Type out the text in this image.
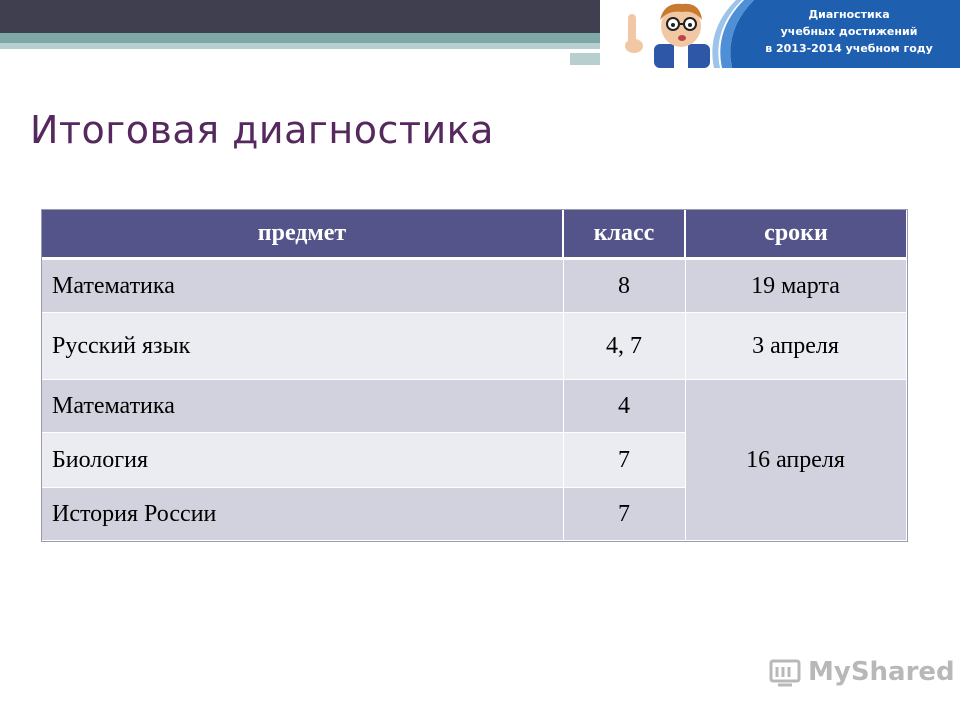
Диагностика
учебных достижений
в 2013-2014 учебном году
Итоговая диагностика
предмет	класс	сроки
Математика	8	19 марта
Русский язык	4, 7	3 апреля
Математика	4	16 апреля
Биология	7	
История России	7	
MyShared
